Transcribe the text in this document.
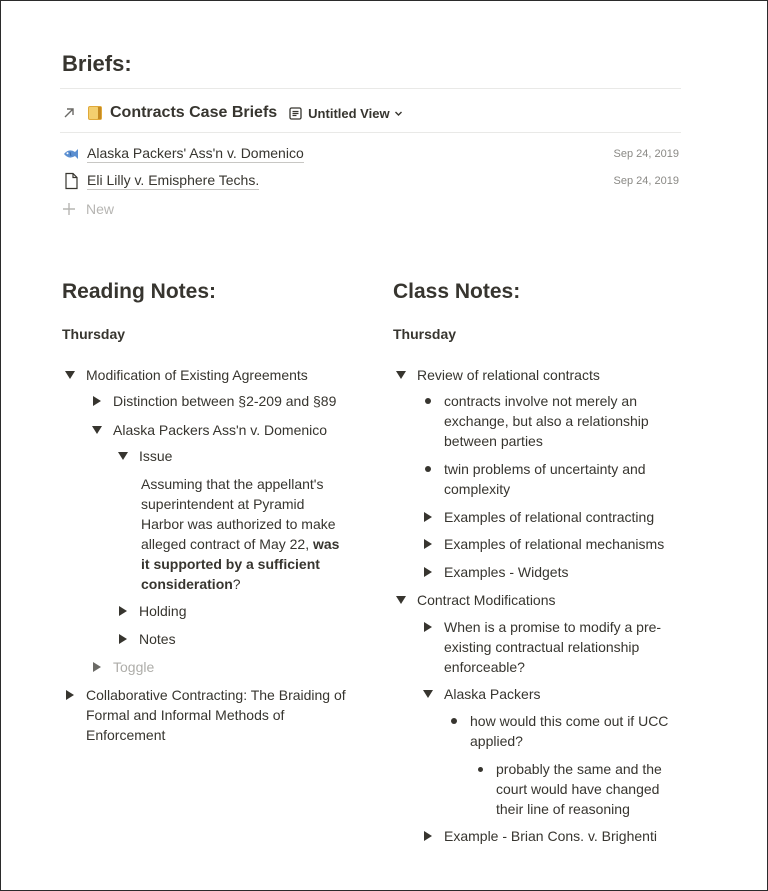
Briefs:
Contracts Case Briefs Untitled View
Alaska Packers' Ass'n v. Domenico	Sep 24, 2019
Eli Lilly v. Emisphere Techs.	Sep 24, 2019
New
Reading Notes:
Thursday
Modification of Existing Agreements
Distinction between §2-209 and §89
Alaska Packers Ass'n v. Domenico
Issue
Assuming that the appellant's
superintendent at Pyramid
Harbor was authorized to make
alleged contract of May 22, was
it supported by a sufficient
consideration?
Holding
Notes
Toggle
Collaborative Contracting: The Braiding of
Formal and Informal Methods of
Enforcement
Class Notes:
Thursday
Review of relational contracts
contracts involve not merely an
exchange, but also a relationship
between parties
twin problems of uncertainty and
complexity
Examples of relational contracting
Examples of relational mechanisms
Examples - Widgets
Contract Modifications
When is a promise to modify a pre-
existing contractual relationship
enforceable?
Alaska Packers
how would this come out if UCC
applied?
probably the same and the
court would have changed
their line of reasoning
Example - Brian Cons. v. Brighenti
